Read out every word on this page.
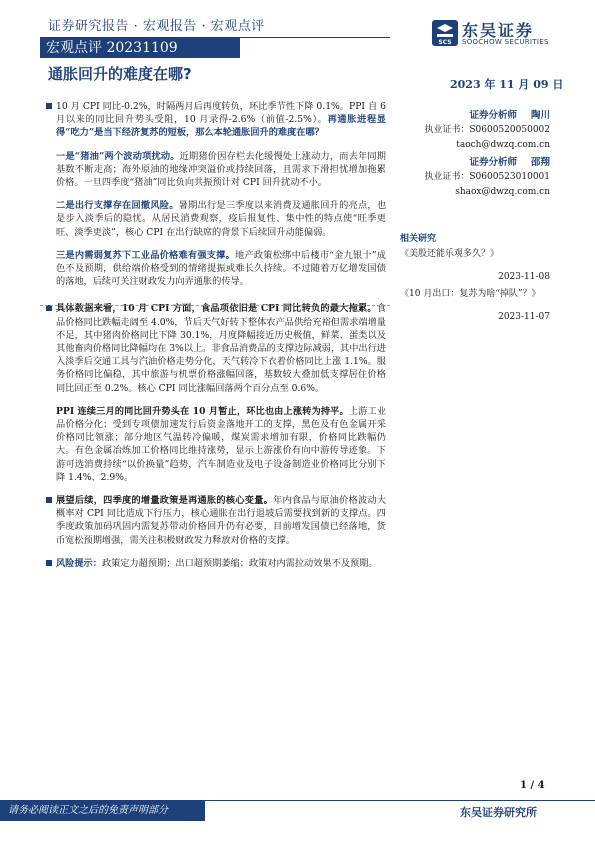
证券研究报告 · 宏观报告 · 宏观点评
宏观点评 20231109	SCS
东吴证券
SOOCHOW SECURITIES
通胀回升的难度在哪?
2023 年 11 月 09 日

10 月 CPI 同比-0.2%，时隔两月后再度转负，环比季节性下降 0.1%。PPI 自 6 月以来的同比回升势头受阻，10 月录得-2.6%（前值-2.5%）。再通胀进程显得“吃力”是当下经济复苏的短板，那么本轮通胀回升的难度在哪？

一是“猪油”两个波动项扰动。近期猪价因存栏去化缓慢处上涨动力，而去年同期基数不断走高；海外原油的地缘冲突溢价或持续回落，且需求下滑担忧增加拖累价格。一旦四季度“猪油”同比负向共振预计对 CPI 回升扰动不小。

二是出行支撑存在回撤风险。暑期出行是三季度以来消费及通胀回升的亮点，也是步入淡季后的隐忧。从居民消费观察，疫后报复性、集中性的特点使“旺季更旺、淡季更淡”，核心 CPI 在出行缺席的背景下后续回升动能偏弱。

三是内需弱复苏下工业品价格难有强支撑。地产政策松绑中后楼市“金九银十”成色不及预期，供给端价格受到的情绪提振或难长久持续。不过随着万亿增发国债的落地，后续可关注财政发力向弄通胀的传导。

具体数据来看，10 月 CPI 方面，食品项依旧是 CPI 同比转负的最大拖累。食品价格同比跌幅走阔至 4.0%，节后天气好转下整体农产品供给充裕但需求端增量不足，其中猪肉价格同比下降 30.1%，月度降幅接近历史极值，鲜菜、蛋类以及其他畜肉价格同比降幅均在 3%以上。非食品消费品的支撑边际减弱，其中出行进入淡季后交通工具与汽油价格走势分化，天气转冷下衣着价格同比上涨 1.1%。服务价格同比偏稳，其中旅游与机票价格涨幅回落，基数较大叠加低支撑居住价格同比回正至 0.2%。核心 CPI 同比涨幅回落两个百分点至 0.6%。

PPI 连续三月的同比回升势头在 10 月暂止，环比也由上涨转为持平。上游工业品价格分化；受到专项债加速发行后资金落地开工的支撑，黑色及有色金属开采价格同比领涨；部分地区气温转冷偏暖，煤炭需求增加有限，价格同比跌幅仍大。有色金属冶炼加工价格同比维持涨势，显示上游涨价有向中游传导迹象。下游可选消费持续“以价换量”趋势，汽车制造业及电子设备制造业价格同比分别下降 1.4%、2.9%。

展望后续，四季度的增量政策是再通胀的核心变量。年内食品与原油价格波动大概率对 CPI 同比造成下行压力，核心通胀在出行退坡后需要找到新的支撑点。四季度政策加码巩固内需复苏带动价格回升仍有必要，目前增发国债已经落地，货币宽松预期增强，需关注积极财政发力释放对价格的支撑。

风险提示：政策定力超预期；出口超预期萎缩；政策对内需拉动效果不及预期。

证券分析师 陶川
执业证书：S0600520050002
taoch@dwzq.com.cn
证券分析师 邵翔
执业证书：S0600523010001
shaox@dwzq.com.cn
相关研究
《美股还能乐观多久？》
2023-11-08
《10 月出口：复苏为啥“掉队”？》
2023-11-07
1 / 4
请务必阅读正文之后的免责声明部分	东吴证券研究所
